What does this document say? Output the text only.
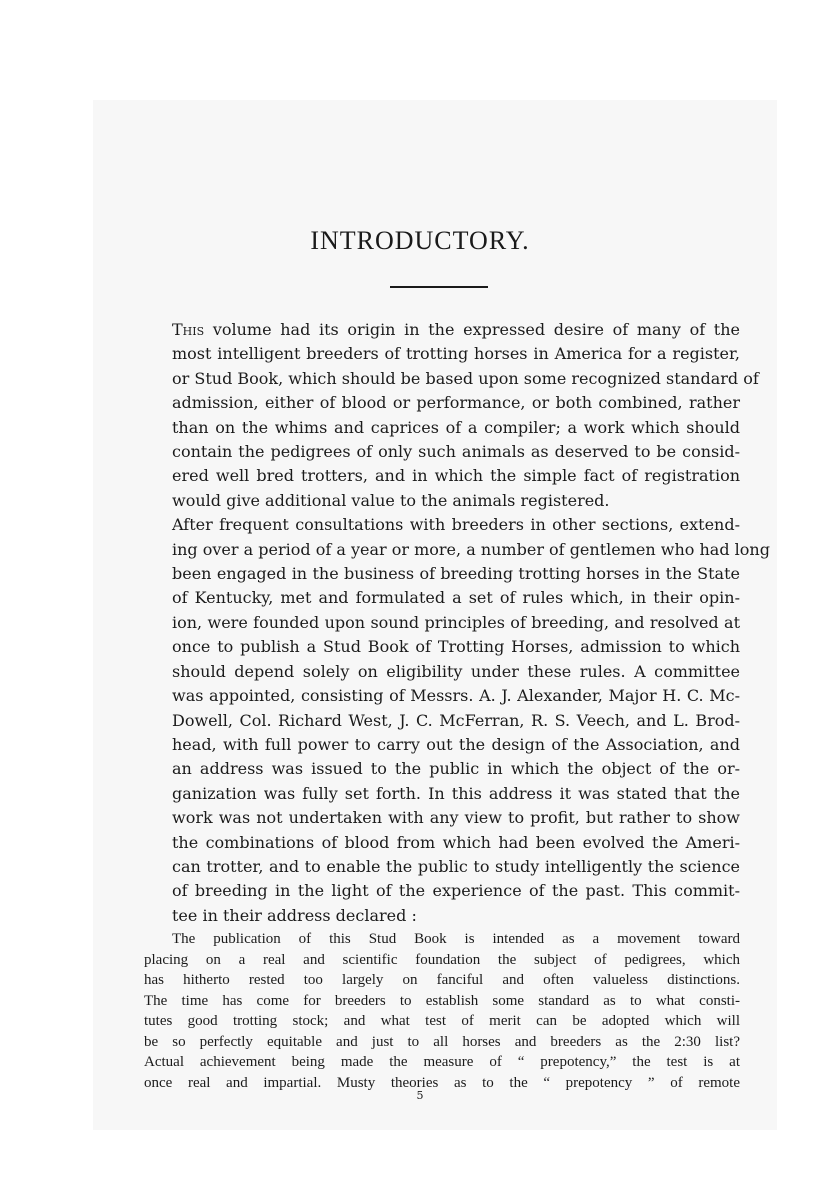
INTRODUCTORY.

This volume had its origin in the expressed desire of many of the
most intelligent breeders of trotting horses in America for a register,
or Stud Book, which should be based upon some recognized standard of
admission, either of blood or performance, or both combined, rather
than on the whims and caprices of a compiler; a work which should
contain the pedigrees of only such animals as deserved to be consid-
ered well bred trotters, and in which the simple fact of registration
would give additional value to the animals registered.

After frequent consultations with breeders in other sections, extend-
ing over a period of a year or more, a number of gentlemen who had long
been engaged in the business of breeding trotting horses in the State
of Kentucky, met and formulated a set of rules which, in their opin-
ion, were founded upon sound principles of breeding, and resolved at
once to publish a Stud Book of Trotting Horses, admission to which
should depend solely on eligibility under these rules. A committee
was appointed, consisting of Messrs. A. J. Alexander, Major H. C. Mc-
Dowell, Col. Richard West, J. C. McFerran, R. S. Veech, and L. Brod-
head, with full power to carry out the design of the Association, and
an address was issued to the public in which the object of the or-
ganization was fully set forth. In this address it was stated that the
work was not undertaken with any view to profit, but rather to show
the combinations of blood from which had been evolved the Ameri-
can trotter, and to enable the public to study intelligently the science
of breeding in the light of the experience of the past. This commit-
tee in their address declared :

The publication of this Stud Book is intended as a movement toward
placing on a real and scientific foundation the subject of pedigrees, which
has hitherto rested too largely on fanciful and often valueless distinctions.
The time has come for breeders to establish some standard as to what consti-
tutes good trotting stock; and what test of merit can be adopted which will
be so perfectly equitable and just to all horses and breeders as the 2:30 list?
Actual achievement being made the measure of “ prepotency,” the test is at
once real and impartial. Musty theories as to the “ prepotency ” of remote
5
